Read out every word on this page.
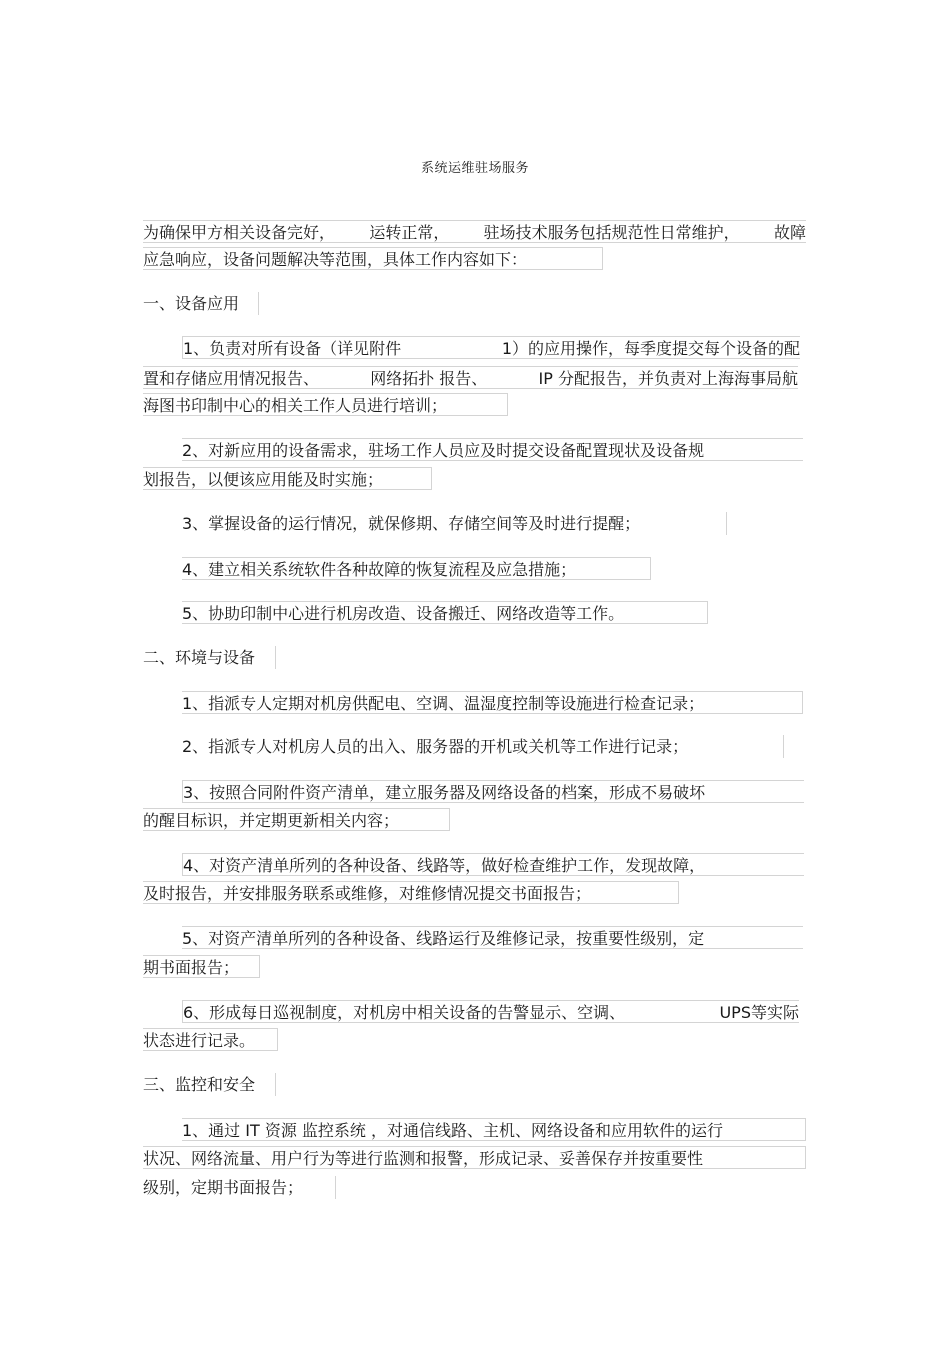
系统运维驻场服务
为确保甲方相关设备完好， 运转正常， 驻场技术服务包括规范性日常维护， 故障
应急响应，设备问题解决等范围，具体工作内容如下：
一、设备应用
1、负责对所有设备（详见附件	1）的应用操作，每季度提交每个设备的配
置和存储应用情况报告、	网络拓扑 报告、	IP 分配报告，并负责对上海海事局航
海图书印制中心的相关工作人员进行培训；
2、对新应用的设备需求，驻场工作人员应及时提交设备配置现状及设备规
划报告，以便该应用能及时实施；
3、掌握设备的运行情况，就保修期、存储空间等及时进行提醒；
4、建立相关系统软件各种故障的恢复流程及应急措施；
5、协助印制中心进行机房改造、设备搬迁、网络改造等工作。
二、环境与设备
1、指派专人定期对机房供配电、空调、温湿度控制等设施进行检查记录；
2、指派专人对机房人员的出入、服务器的开机或关机等工作进行记录；
3、按照合同附件资产清单，建立服务器及网络设备的档案，形成不易破坏
的醒目标识，并定期更新相关内容；
4、对资产清单所列的各种设备、线路等，做好检查维护工作，发现故障，
及时报告，并安排服务联系或维修，对维修情况提交书面报告；
5、对资产清单所列的各种设备、线路运行及维修记录，按重要性级别，定
期书面报告；
6、形成每日巡视制度，对机房中相关设备的告警显示、空调、	UPS等实际
状态进行记录。
三、监控和安全
1、通过 IT 资源 监控系统 ，对通信线路、主机、网络设备和应用软件的运行
状况、网络流量、用户行为等进行监测和报警，形成记录、妥善保存并按重要性
级别，定期书面报告；
